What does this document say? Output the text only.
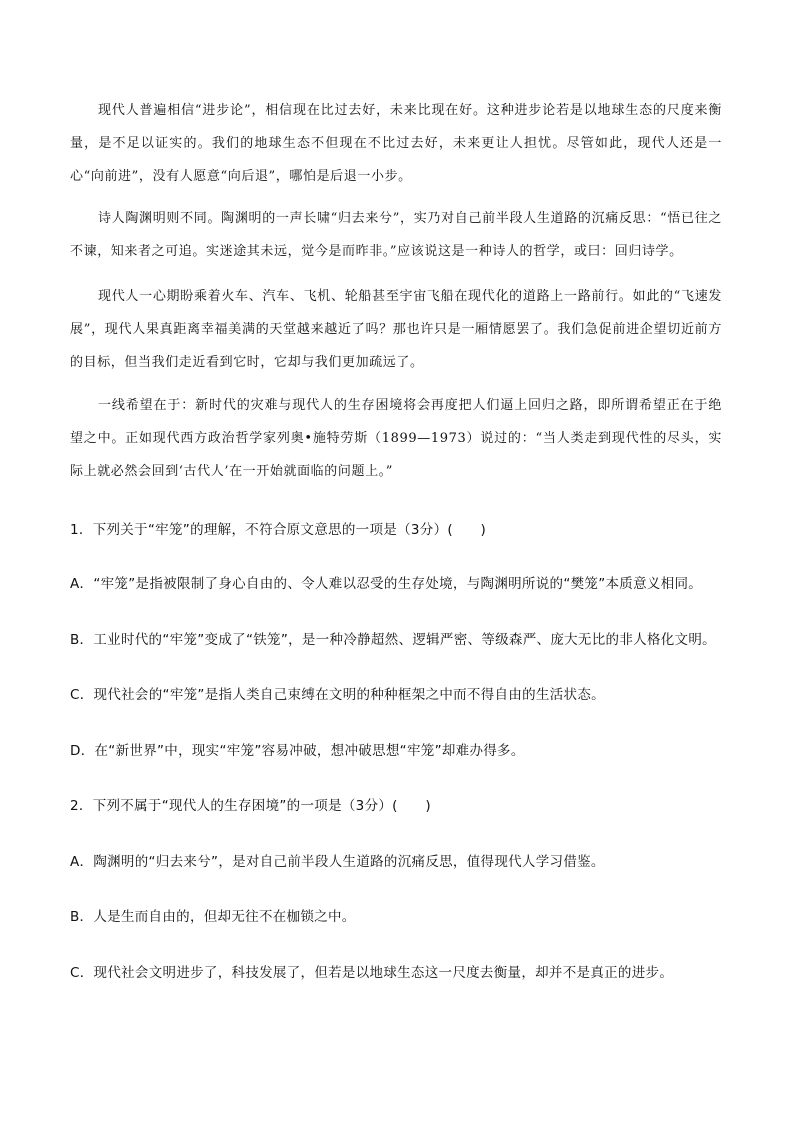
现代人普遍相信“进步论”，相信现在比过去好，未来比现在好。这种进步论若是以地球生态的尺度来衡量，是不足以证实的。我们的地球生态不但现在不比过去好，未来更让人担忧。尽管如此，现代人还是一心“向前进”，没有人愿意“向后退”，哪怕是后退一小步。

诗人陶渊明则不同。陶渊明的一声长啸“归去来兮”，实乃对自己前半段人生道路的沉痛反思：“悟已往之不谏，知来者之可追。实迷途其未远，觉今是而昨非。”应该说这是一种诗人的哲学，或曰：回归诗学。

现代人一心期盼乘着火车、汽车、飞机、轮船甚至宇宙飞船在现代化的道路上一路前行。如此的“飞速发展”，现代人果真距离幸福美满的天堂越来越近了吗？那也许只是一厢情愿罢了。我们急促前进企望切近前方的目标，但当我们走近看到它时，它却与我们更加疏远了。

一线希望在于：新时代的灾难与现代人的生存困境将会再度把人们逼上回归之路，即所谓希望正在于绝望之中。正如现代西方政治哲学家列奥•施特劳斯（1899—1973）说过的：“当人类走到现代性的尽头，实际上就必然会回到‘古代人’在一开始就面临的问题上。”

1．下列关于“牢笼”的理解，不符合原文意思的一项是（3分）(　　)

A．“牢笼”是指被限制了身心自由的、令人难以忍受的生存处境，与陶渊明所说的“樊笼”本质意义相同。

B．工业时代的“牢笼”变成了“铁笼”，是一种冷静超然、逻辑严密、等级森严、庞大无比的非人格化文明。

C．现代社会的“牢笼”是指人类自己束缚在文明的种种框架之中而不得自由的生活状态。

D．在“新世界”中，现实“牢笼”容易冲破，想冲破思想“牢笼”却难办得多。

2．下列不属于“现代人的生存困境”的一项是（3分）(　　)

A．陶渊明的“归去来兮”，是对自己前半段人生道路的沉痛反思，值得现代人学习借鉴。

B．人是生而自由的，但却无往不在枷锁之中。

C．现代社会文明进步了，科技发展了，但若是以地球生态这一尺度去衡量，却并不是真正的进步。
